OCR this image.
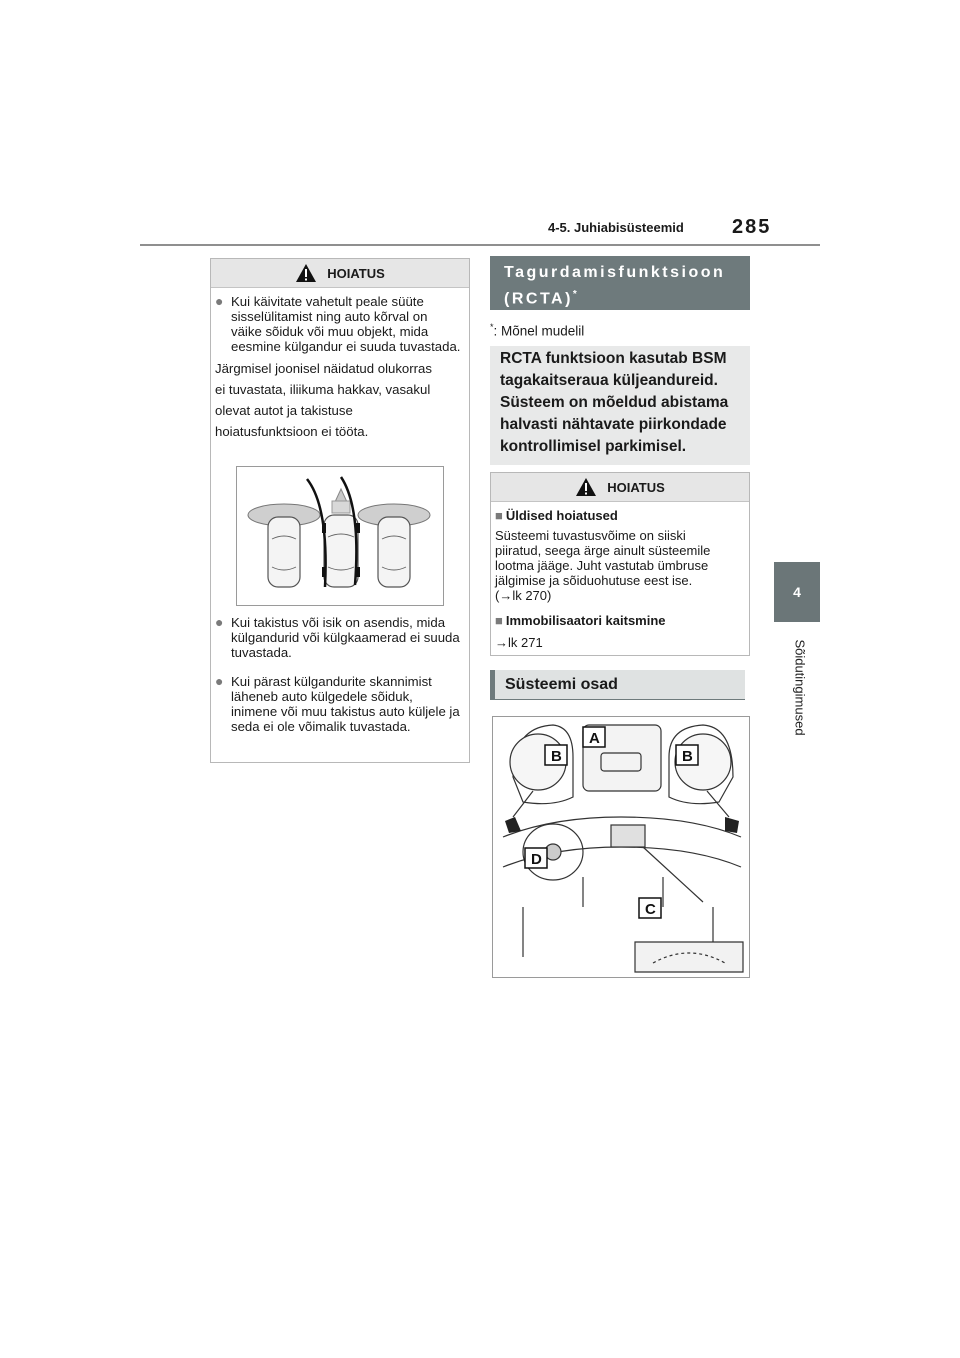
4-5. Juhiabisüsteemid 285
4
Sõidutingimused
HOIATUS
● Kui käivitate vahetult peale süüte sisselülitamist ning auto kõrval on väike sõiduk või muu objekt, mida eesmine külgandur ei suuda tuvastada.
Järgmisel joonisel näidatud olukorras
ei tuvastata, iliikuma hakkav, vasakul
olevat autot ja takistuse
hoiatusfunktsioon ei tööta.
● Kui takistus või isik on asendis, mida külgandurid või külgkaamerad ei suuda tuvastada.
● Kui pärast külgandurite skannimist läheneb auto külgedele sõiduk, inimene või muu takistus auto küljele ja seda ei ole võimalik tuvastada.
Tagurdamisfunktsioon
(RCTA)*
*: Mõnel mudelil
RCTA funktsioon kasutab BSM
tagakaitseraua küljeandureid.
Süsteem on mõeldud abistama
halvasti nähtavate piirkondade
kontrollimisel parkimisel.
HOIATUS
■ Üldised hoiatused
Süsteemi tuvastusvõime on siiski
piiratud, seega ärge ainult süsteemile
lootma jääge. Juht vastutab ümbruse
jälgimise ja sõiduohutuse eest ise.
(→lk 270)
■ Immobilisaatori kaitsmine
→lk 271
Süsteemi osad
A
B	B
C
D
